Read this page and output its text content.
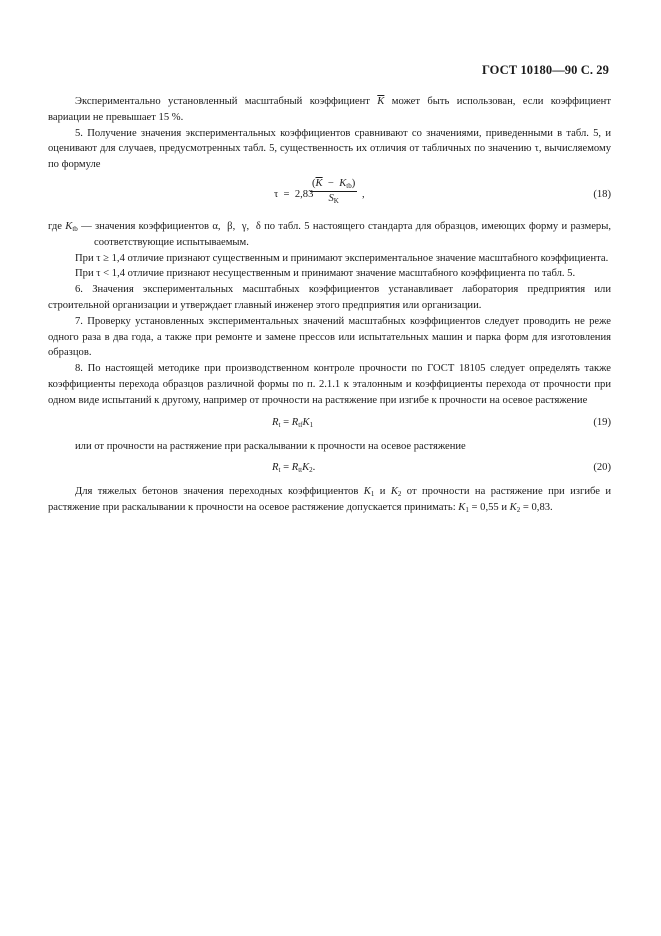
ГОСТ 10180—90 С. 29

Экспериментально установленный масштабный коэффициент $\overline{K}$ может быть использован, если коэффициент вариации не превышает 15 %.

5. Получение значения экспериментальных коэффициентов сравнивают со значениями, приведенными в табл. 5, и оценивают для случаев, предусмотренных табл. 5, существенность их отличия от табличных по значению τ, вычисляемому по формуле

τ  =  2,83
$(\overline{K} - K_{tb})$
$S_K$
,	(18)

где $K_{tb}$ — значения коэффициентов α,  β,  γ,  δ по табл. 5 настоящего стандарта для образцов, имеющих форму и размеры, соответствующие испытываемым.

При τ ≥ 1,4 отличие признают существенным и принимают экспериментальное значение масштабного коэффициента.

При τ < 1,4 отличие признают несущественным и принимают значение масштабного коэффициента по табл. 5.

6. Значения экспериментальных масштабных коэффициентов устанавливает лаборатория предприятия или строительной организации и утверждает главный инженер этого предприятия или организации.

7. Проверку установленных экспериментальных значений масштабных коэффициентов следует проводить не реже одного раза в два года, а также при ремонте и замене прессов или испытательных машин и парка форм для изготовления образцов.

8. По настоящей методике при производственном контроле прочности по ГОСТ 18105 следует определять также коэффициенты перехода образцов различной формы по п. 2.1.1 к эталонным и коэффициенты перехода от прочности при одном виде испытаний к другому, например от прочности на растяжение при изгибе к прочности на осевое растяжение

$R_t = R_{tf}K_1$	(19)

или от прочности на растяжение при раскалывании к прочности на осевое растяжение

$R_t = R_{tt}K_2$.	(20)

Для тяжелых бетонов значения переходных коэффициентов $K_1$ и $K_2$ от прочности на растяжение при изгибе и растяжение при раскалывании к прочности на осевое растяжение допускается принимать: $K_1 = 0,55$ и $K_2 = 0,83$.
